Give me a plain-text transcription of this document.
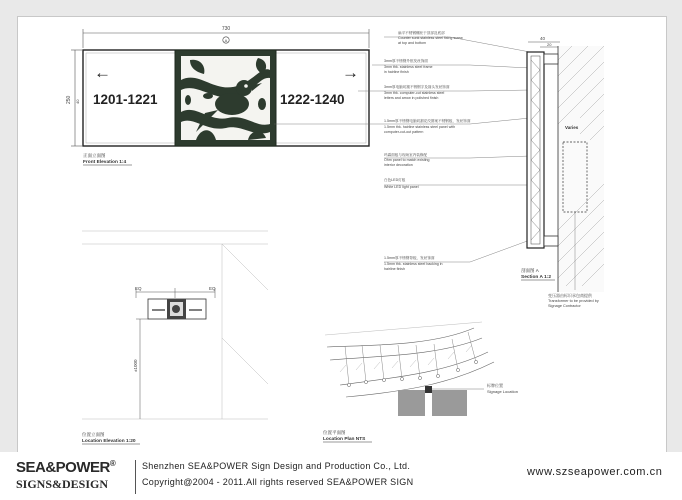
730
A
250 40
←	→
1201-1221	1222-1240
正面立面图
Front Elevation 1:4
扁平不锈钢螺丝于顶部及底部
Counter sunk stainless steel fixing screw
at top and bottom
3mm厚不锈钢外框发丝饰面
3mm thk. stainless steel frame
in hairline finish
3mm厚电脑切割不锈钢字及箭头发丝饰面
3mm thk. computer-cut stainless steel
letters and arrow in polished finish
1.5mm厚不锈钢电脑切割花纹图案不锈钢板，发丝饰面
1.5mm thk. hairline stainless steel panel with
computer-cut-out pattern
玛霖面板与现场室内装修配
Ohm panel to match existing
interior decoration
白色LED灯板
White LED light panel
1.5mm厚不锈钢背板，发丝饰面
1.5mm thk. stainless steel backing in
hairline finish
40
20
Varies
剖面图 A
Section A 1:2
变压器由标识承包商提供
Transformer to be provided by
Signage Contractor
EQ	EQ
±1000
位置立面图
Location Elevation 1:20
标牌位置
Signage Location
位置平面图
Location Plan NTS
SEA&POWER®
SIGNS&DESIGN
Shenzhen SEA&POWER Sign Design and Production Co., Ltd.
Copyright@2004 - 2011.All rights reserved SEA&POWER SIGN
www.szseapower.com.cn
